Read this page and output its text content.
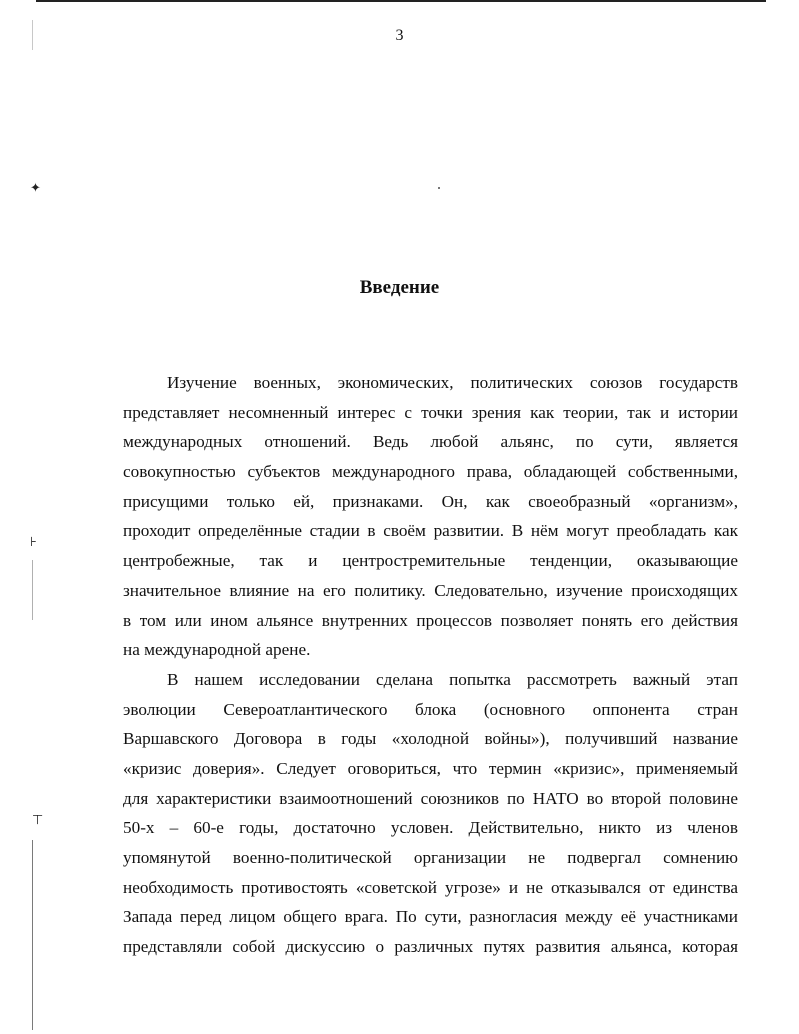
✦
⊦
⊤
3
Введение
Изучение военных, экономических, политических союзов государств
представляет несомненный интерес с точки зрения как теории, так и истории
международных отношений. Ведь любой альянс, по сути, является
совокупностью субъектов международного права, обладающей собственными,
присущими только ей, признаками. Он, как своеобразный «организм»,
проходит определённые стадии в своём развитии. В нём могут преобладать как
центробежные, так и центростремительные тенденции, оказывающие
значительное влияние на его политику. Следовательно, изучение происходящих
в том или ином альянсе внутренних процессов позволяет понять его действия
на международной арене.
В нашем исследовании сделана попытка рассмотреть важный этап
эволюции Североатлантического блока (основного оппонента стран
Варшавского Договора в годы «холодной войны»), получивший название
«кризис доверия». Следует оговориться, что термин «кризис», применяемый
для характеристики взаимоотношений союзников по НАТО во второй половине
50-х – 60-е годы, достаточно условен. Действительно, никто из членов
упомянутой военно-политической организации не подвергал сомнению
необходимость противостоять «советской угрозе» и не отказывался от единства
Запада перед лицом общего врага. По сути, разногласия между её участниками
представляли собой дискуссию о различных путях развития альянса, которая
